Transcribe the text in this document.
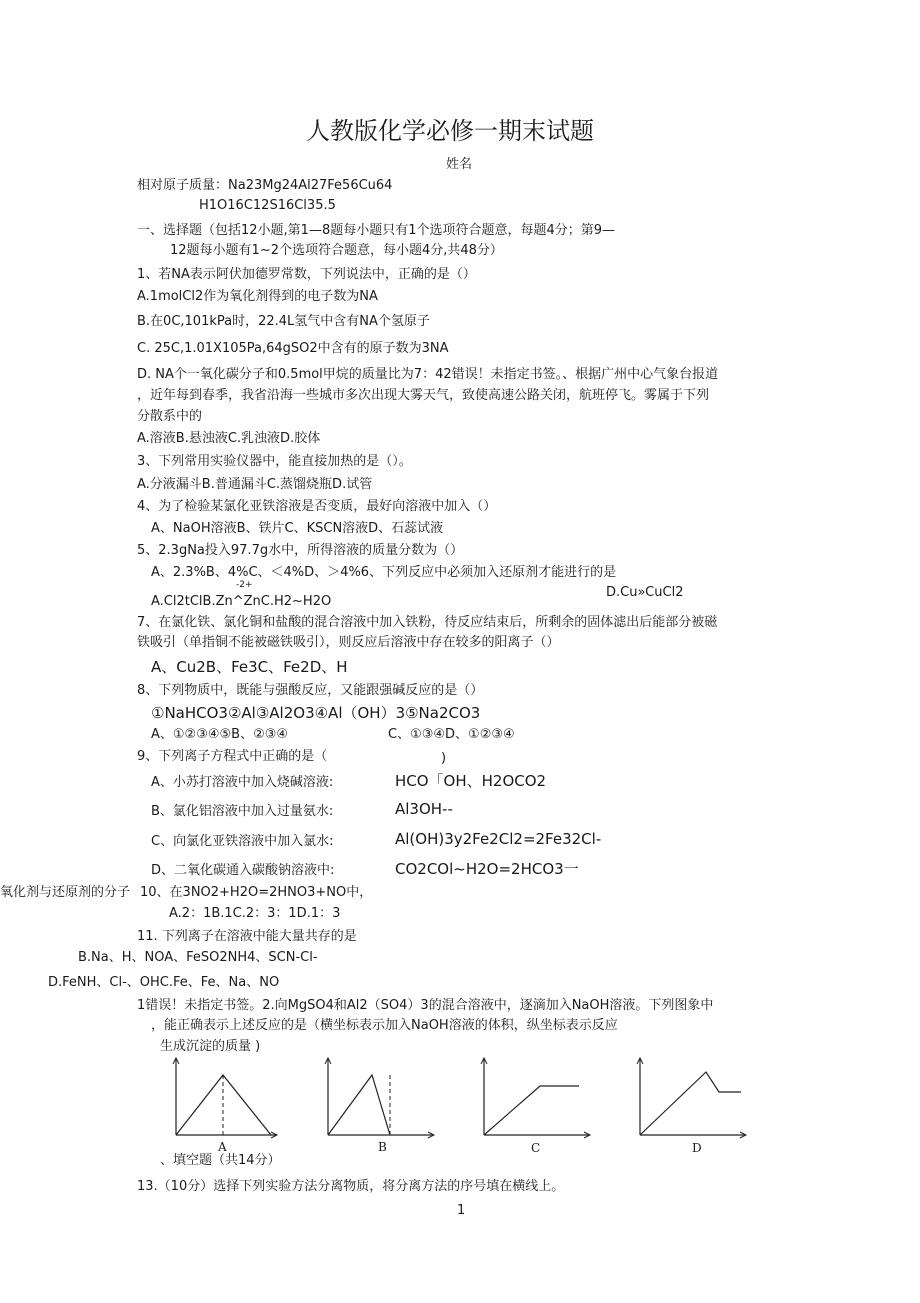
人教版化学必修一期末试题
姓名
相对原子质量：Na23Mg24Al27Fe56Cu64
H1O16C12S16Cl35.5
一、选择题（包括12小题,第1—8题每小题只有1个选项符合题意，每题4分；第9—
12题每小题有1~2个选项符合题意，每小题4分,共48分）
1、若NA表示阿伏加德罗常数，下列说法中，正确的是（）
A.1molCl2作为氧化剂得到的电子数为NA
B.在0C,101kPa时，22.4L氢气中含有NA个氢原子
C. 25C,1.01X105Pa,64gSO2中含有的原子数为3NA
D. NA个一氧化碳分子和0.5mol甲烷的质量比为7：42错误！未指定书签。、根据广州中心气象台报道
，近年每到春季，我省沿海一些城市多次出现大雾天气，致使高速公路关闭，航班停飞。雾属于下列
分散系中的
A.溶液B.悬浊液C.乳浊液D.胶体
3、下列常用实验仪器中，能直接加热的是（）。
A.分液漏斗B.普通漏斗C.蒸馏烧瓶D.试管
4、为了检验某氯化亚铁溶液是否变质，最好向溶液中加入（）
A、NaOH溶液B、铁片C、KSCN溶液D、石蕊试液
5、2.3gNa投入97.7g水中，所得溶液的质量分数为（）
A、2.3%B、4%C、＜4%D、＞4%6、下列反应中必须加入还原剂才能进行的是
-2+	D.Cu»CuCl2
A.Cl2tClB.Zn^ZnC.H2~H2O
7、在氯化铁、氯化铜和盐酸的混合溶液中加入铁粉，待反应结束后，所剩余的固体滤出后能部分被磁
铁吸引（单指铜不能被磁铁吸引），则反应后溶液中存在较多的阳离子（）
A、Cu2B、Fe3C、Fe2D、H
8、下列物质中，既能与强酸反应，又能跟强碱反应的是（）
①NaHCO3②Al③Al2O3④Al（OH）3⑤Na2CO3
A、①②③④⑤B、②③④	C、①③④D、①②③④
9、下列离子方程式中正确的是（	)
A、小苏打溶液中加入烧碱溶液:	HCO「OH、H2OCO2
B、氯化铝溶液中加入过量氨水:	Al3OH--
C、向氯化亚铁溶液中加入氯水:	Al(OH)3y2Fe2Cl2=2Fe32Cl-
D、二氧化碳通入碳酸钠溶液中:	CO2COl~H2O=2HCO3一
氧化剂与还原剂的分子 10、在3NO2+H2O=2HNO3+NO中，
A.2：1B.1C.2：3：1D.1：3
11. 下列离子在溶液中能大量共存的是
B.Na、H、NOA、FeSO2NH4、SCN-Cl-
D.FeNH、Cl-、OHC.Fe、Fe、Na、NO
1错误！未指定书签。2.向MgSO4和Al2（SO4）3的混合溶液中，逐滴加入NaOH溶液。下列图象中
，能正确表示上述反应的是（横坐标表示加入NaOH溶液的体积，纵坐标表示反应
生成沉淀的质量 )
A	B	C	D
、填空题（共14分）
13.（10分）选择下列实验方法分离物质，将分离方法的序号填在横线上。
1
